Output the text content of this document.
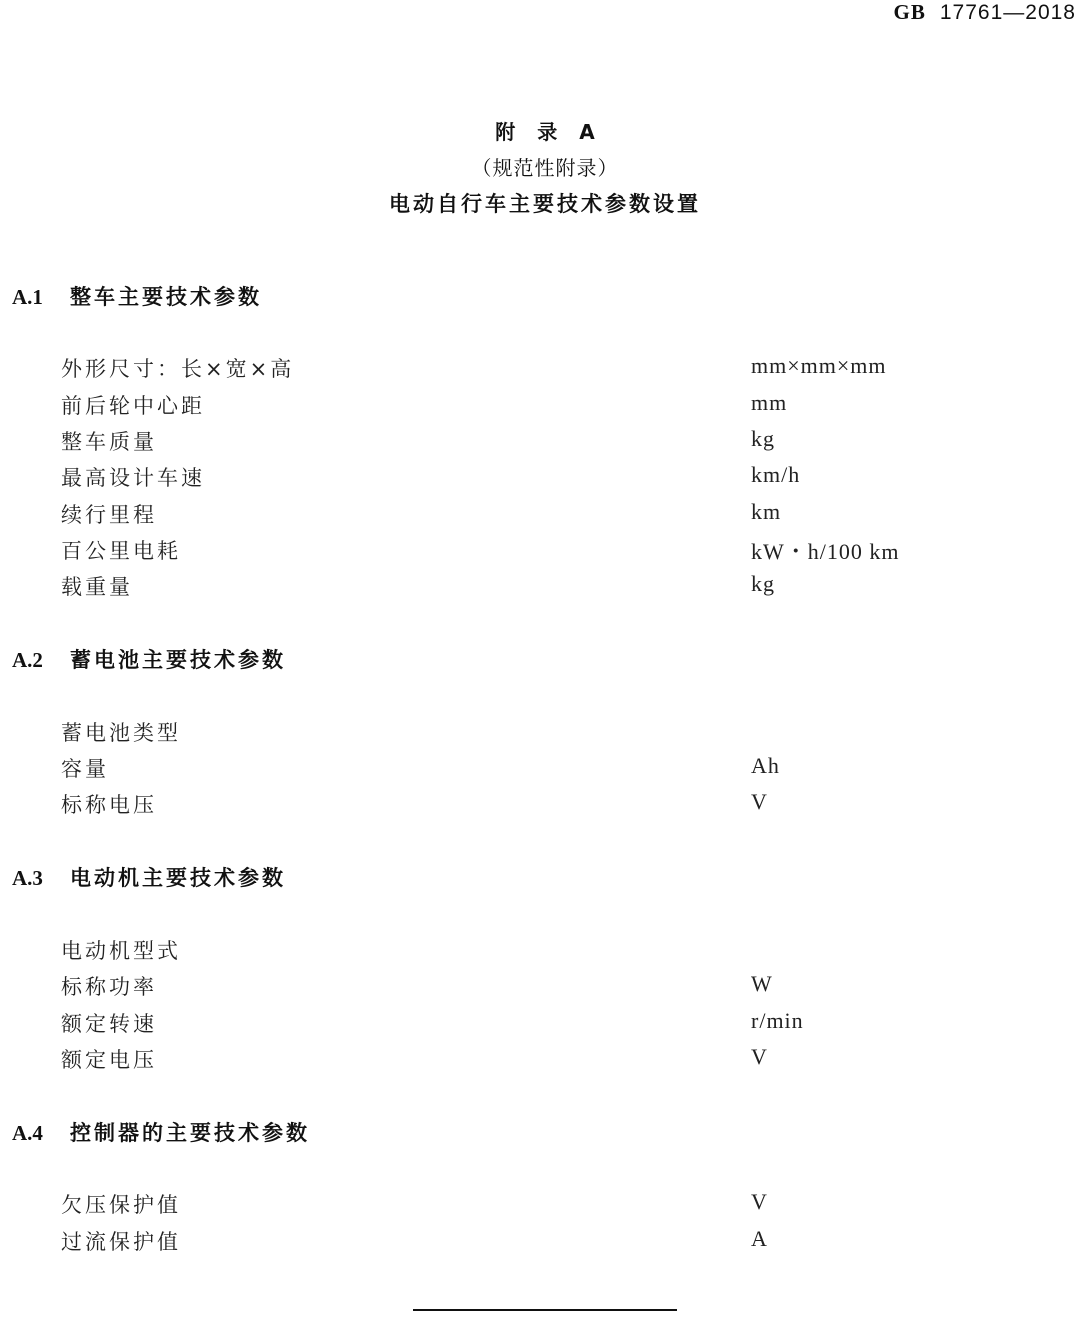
GB 17761—2018
附 录 A
（规范性附录）
电动自行车主要技术参数设置
A.1 整车主要技术参数
外形尺寸：长×宽×高	mm×mm×mm
前后轮中心距	mm
整车质量	kg
最高设计车速	km/h
续行里程	km
百公里电耗	kW・h/100 km
载重量	kg
A.2 蓄电池主要技术参数
蓄电池类型
容量	Ah
标称电压	V
A.3 电动机主要技术参数
电动机型式
标称功率	W
额定转速	r/min
额定电压	V
A.4 控制器的主要技术参数
欠压保护值	V
过流保护值	A
